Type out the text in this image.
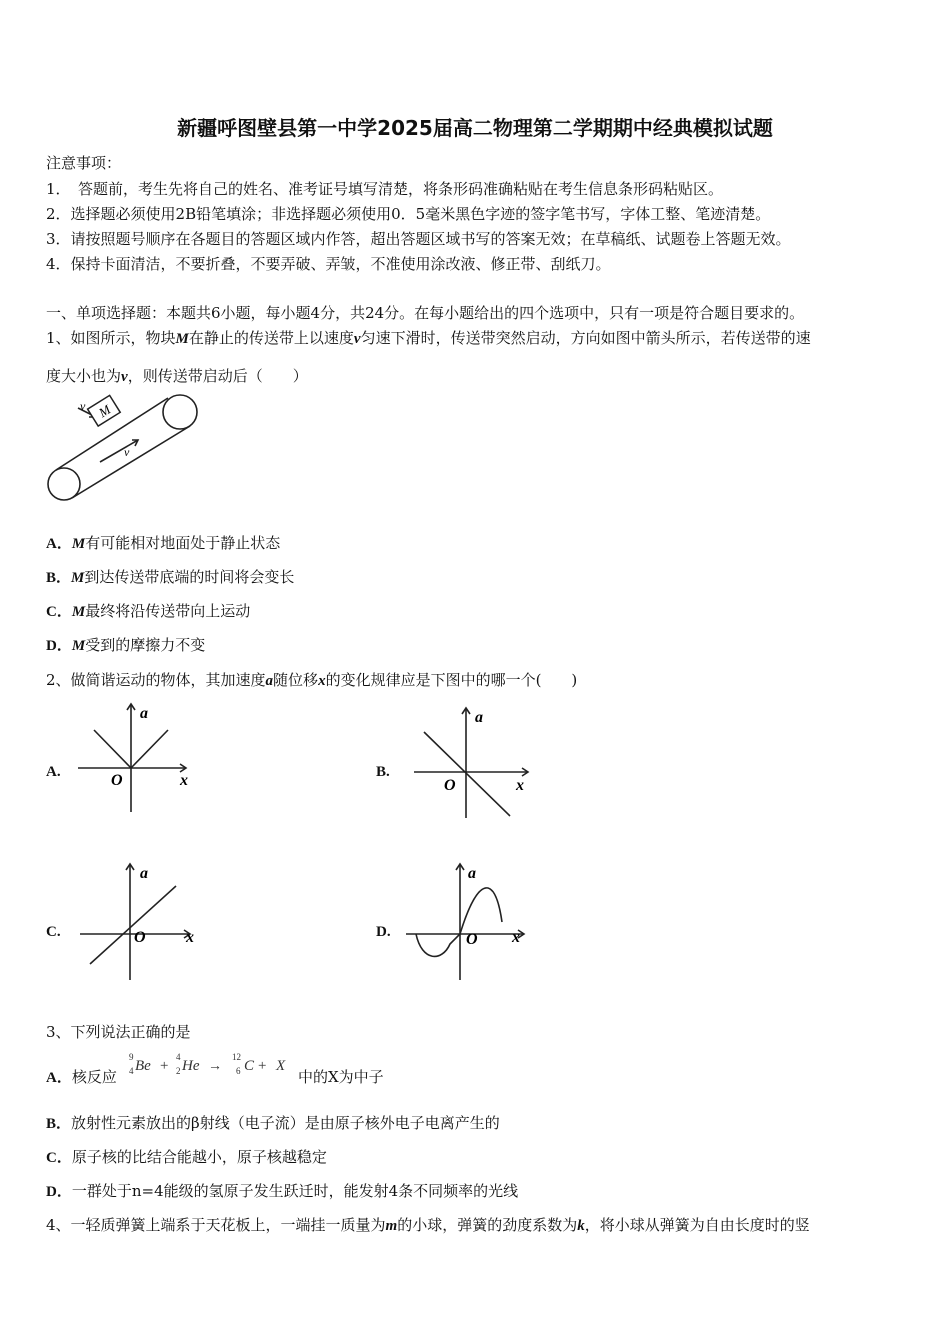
新疆呼图壁县第一中学2025届高二物理第二学期期中经典模拟试题
注意事项：
1．　答题前，考生先将自己的姓名、准考证号填写清楚，将条形码准确粘贴在考生信息条形码粘贴区。
2．选择题必须使用2B铅笔填涂；非选择题必须使用0．5毫米黑色字迹的签字笔书写，字体工整、笔迹清楚。
3．请按照题号顺序在各题目的答题区域内作答，超出答题区域书写的答案无效；在草稿纸、试题卷上答题无效。
4．保持卡面清洁，不要折叠，不要弄破、弄皱，不准使用涂改液、修正带、刮纸刀。
一、单项选择题：本题共6小题，每小题4分，共24分。在每小题给出的四个选项中，只有一项是符合题目要求的。
1、如图所示，物块M在静止的传送带上以速度v匀速下滑时，传送带突然启动，方向如图中箭头所示，若传送带的速
度大小也为v，则传送带启动后（　　）
M
v
v
A．M有可能相对地面处于静止状态
B．M到达传送带底端的时间将会变长
C．M最终将沿传送带向上运动
D．M受到的摩擦力不变
2、做简谐运动的物体，其加速度a随位移x的变化规律应是下图中的哪一个(　　)
A.
a
O	x	B.
a
O	x
C.
a
O	x	D.
a
O x
3、下列说法正确的是
A．核反应
9
4 Be +
4
2 He →
12
6 C + X
中的X为中子
B．放射性元素放出的β射线（电子流）是由原子核外电子电离产生的
C．原子核的比结合能越小，原子核越稳定
D．一群处于n=4能级的氢原子发生跃迁时，能发射4条不同频率的光线
4、一轻质弹簧上端系于天花板上，一端挂一质量为m的小球，弹簧的劲度系数为k，将小球从弹簧为自由长度时的竖
